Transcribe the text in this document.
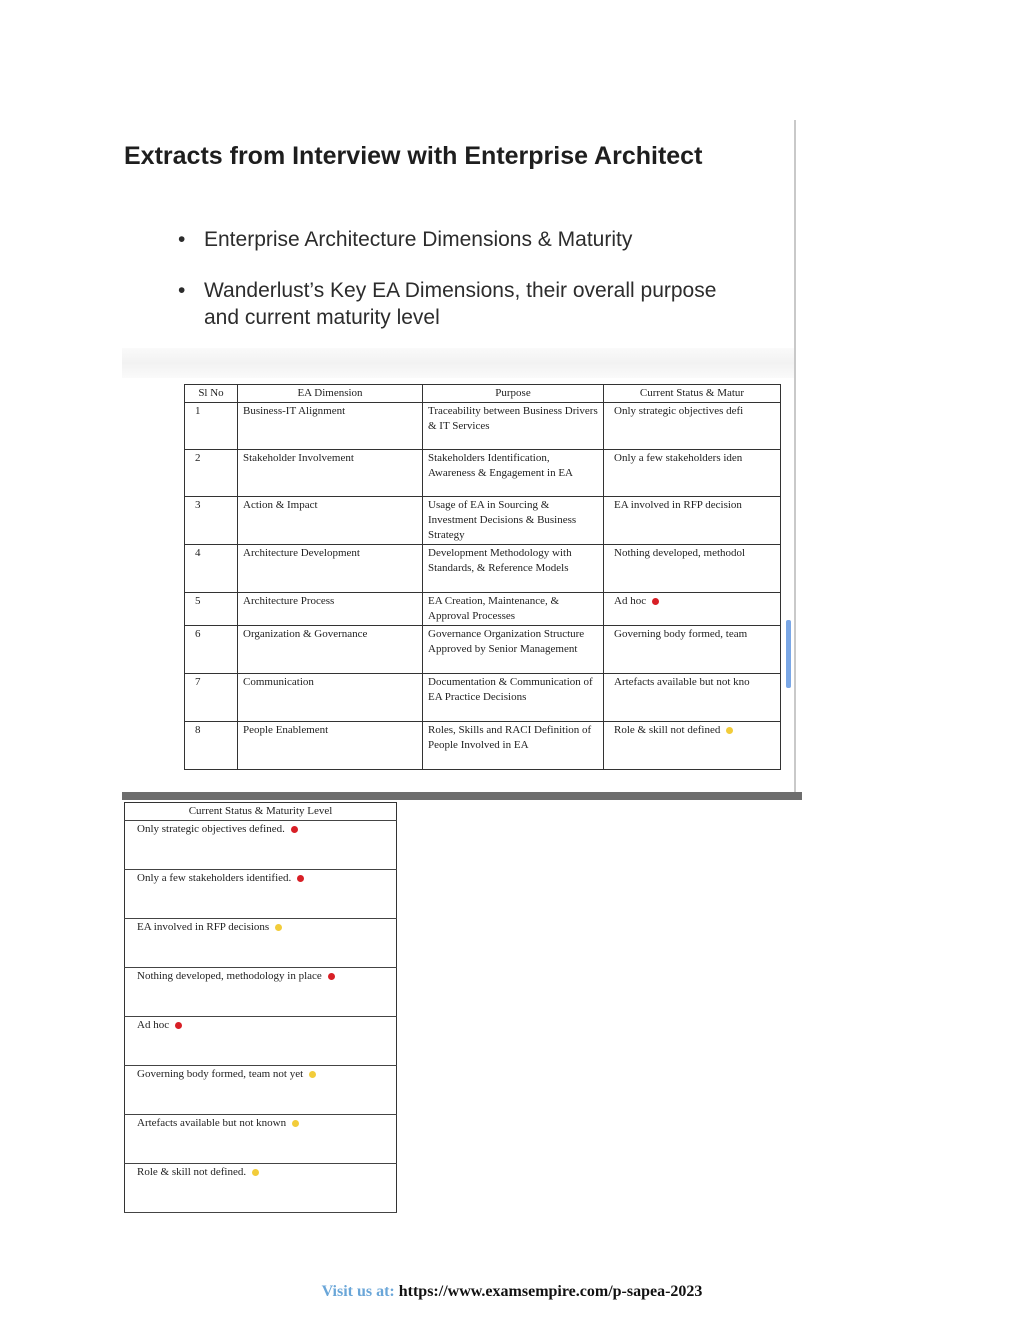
Extracts from Interview with Enterprise Architect
• Enterprise Architecture Dimensions & Maturity
• Wanderlust’s Key EA Dimensions, their overall purpose and current maturity level
Sl No	EA Dimension	Purpose	Current Status & Matur
1	Business-IT Alignment	Traceability between Business Drivers & IT Services	Only strategic objectives defi
2	Stakeholder Involvement	Stakeholders Identification, Awareness & Engagement in EA	Only a few stakeholders iden
3	Action & Impact	Usage of EA in Sourcing & Investment Decisions & Business Strategy	EA involved in RFP decision
4	Architecture Development	Development Methodology with Standards, & Reference Models	Nothing developed, methodol
5	Architecture Process	EA Creation, Maintenance, & Approval Processes	Ad hoc
6	Organization & Governance	Governance Organization Structure Approved by Senior Management	Governing body formed, team
7	Communication	Documentation & Communication of EA Practice Decisions	Artefacts available but not kno
8	People Enablement	Roles, Skills and RACI Definition of People Involved in EA	Role & skill not defined
Current Status & Maturity Level
Only strategic objectives defined.
Only a few stakeholders identified.
EA involved in RFP decisions
Nothing developed, methodology in place
Ad hoc
Governing body formed, team not yet
Artefacts available but not known
Role & skill not defined.
Visit us at: https://www.examsempire.com/p-sapea-2023
